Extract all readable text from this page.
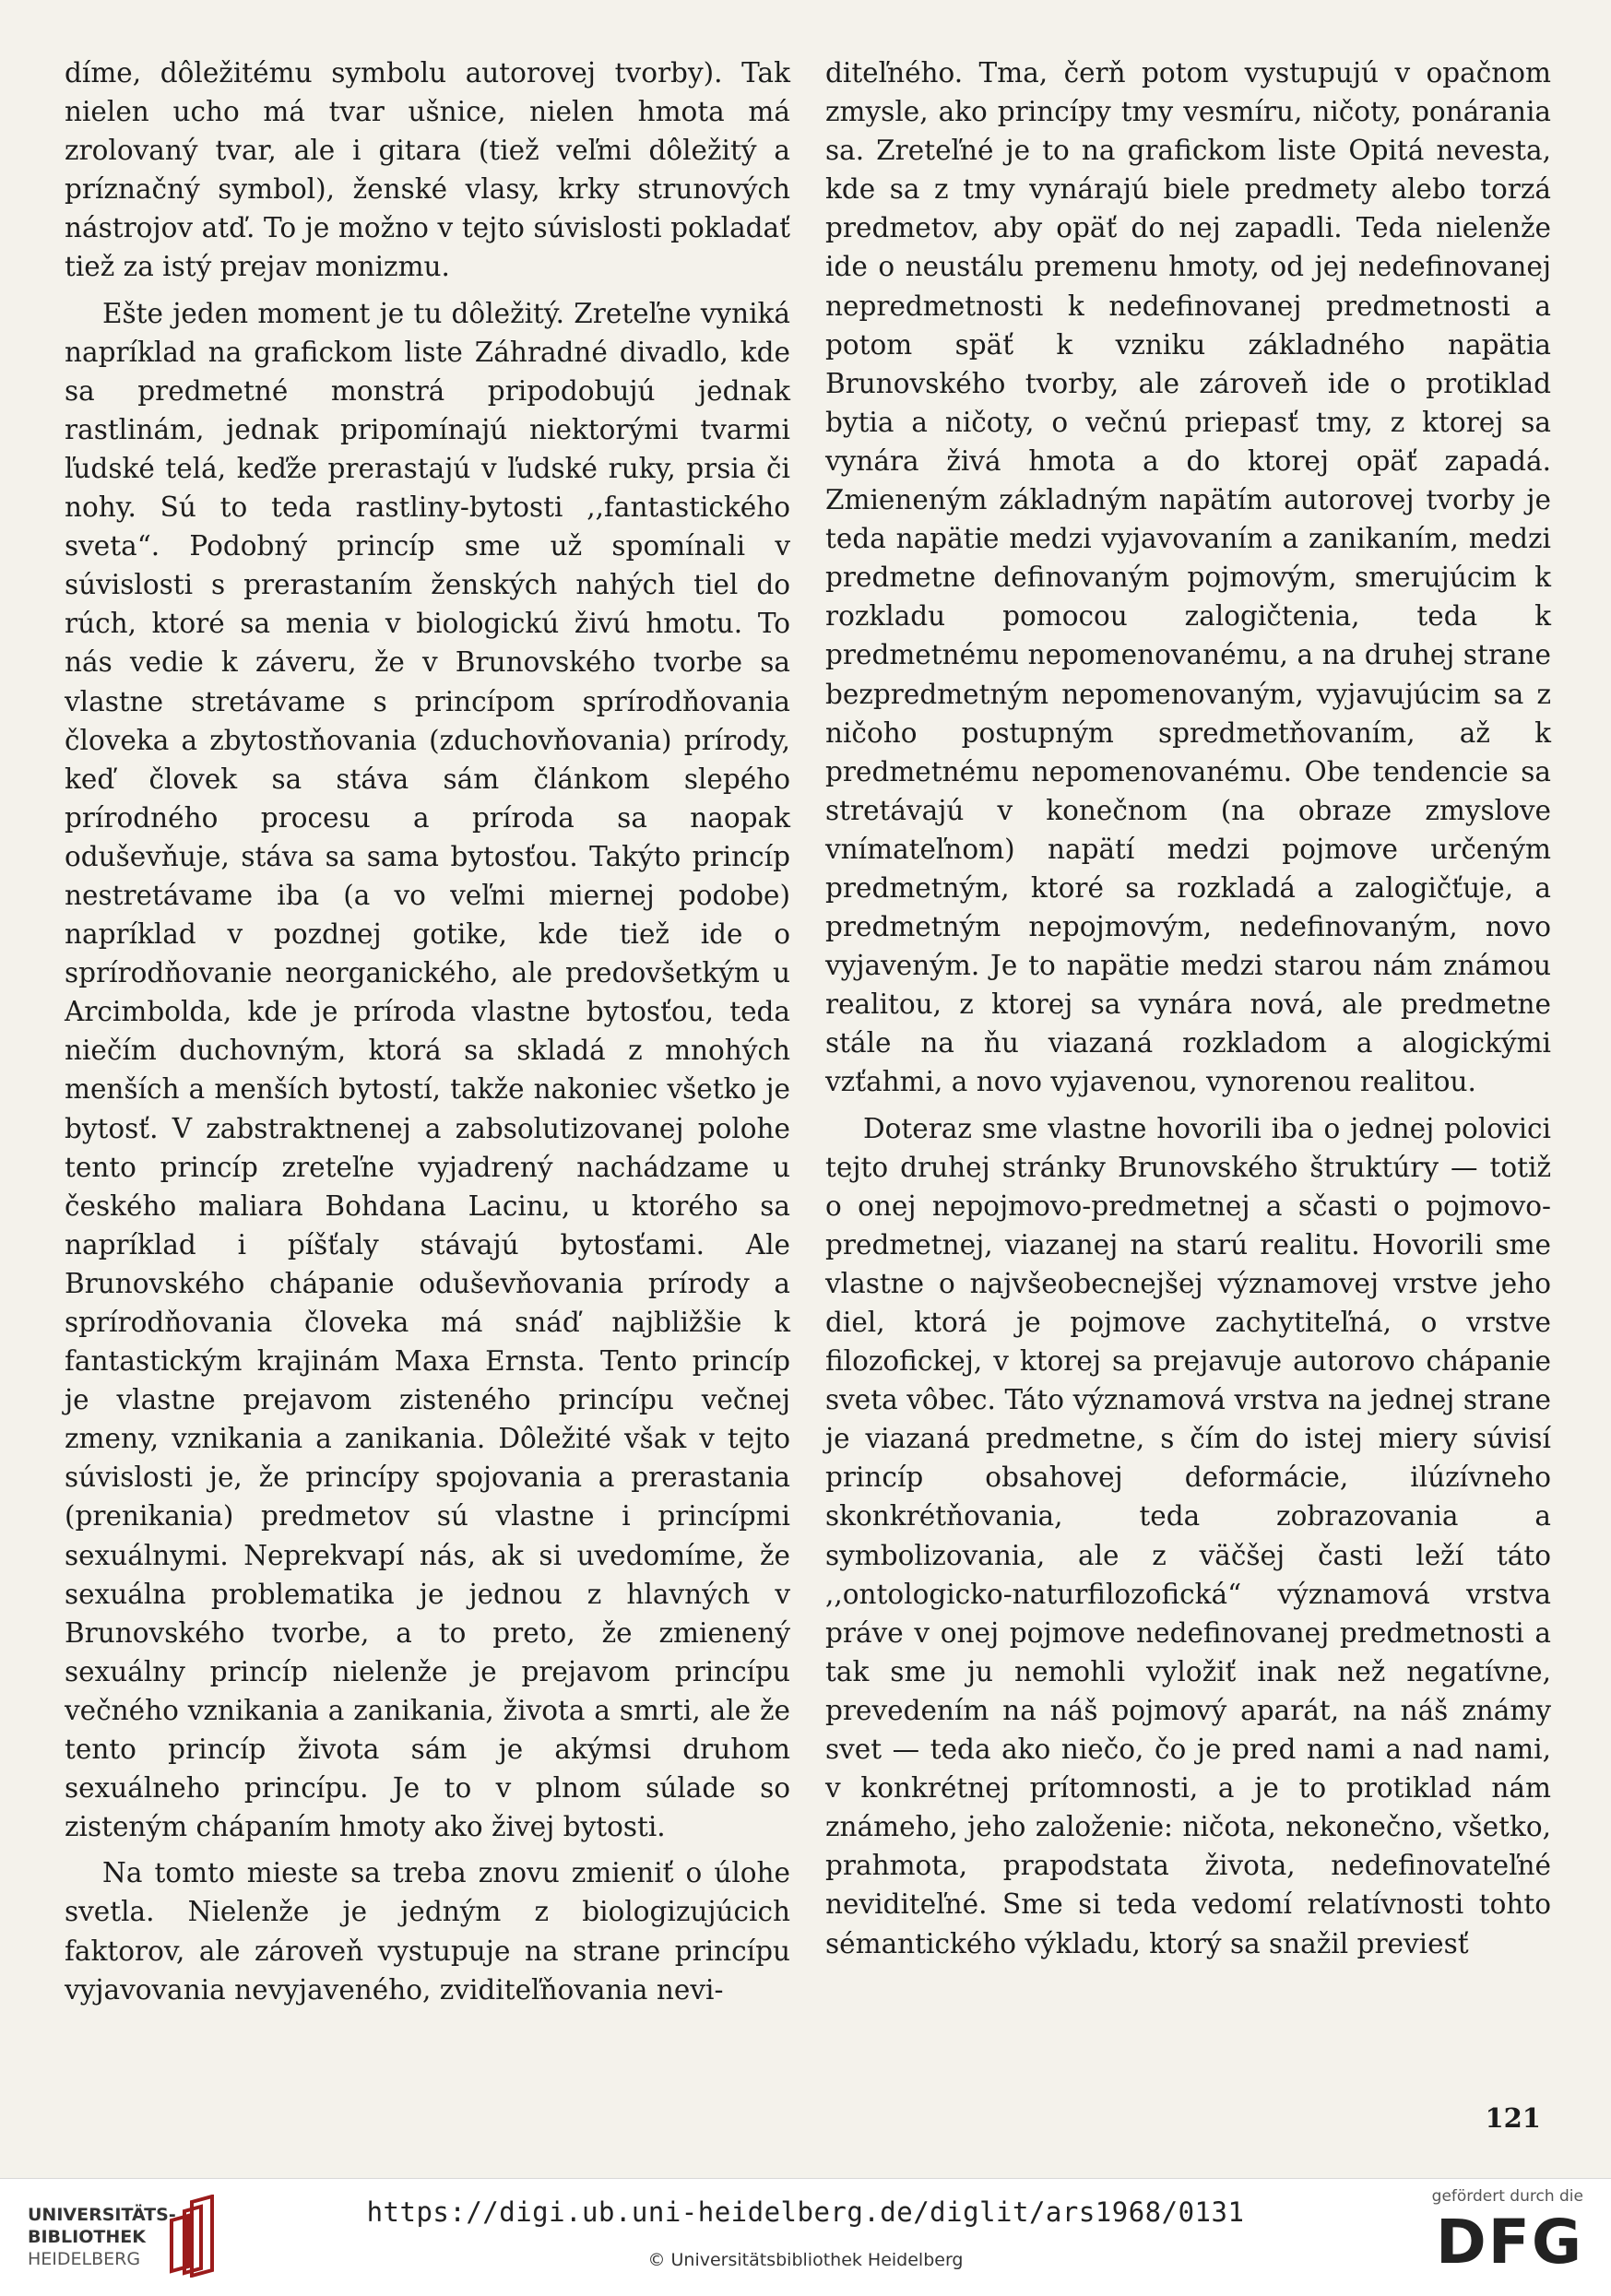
díme, dôležitému symbolu autorovej tvorby). Tak nielen ucho má tvar ušnice, nielen hmota má zrolovaný tvar, ale i gitara (tiež veľmi dôležitý a príznačný symbol), ženské vlasy, krky strunových nástrojov atď. To je možno v tejto súvislosti pokladať tiež za istý prejav monizmu.

Ešte jeden moment je tu dôležitý. Zreteľne vyniká napríklad na grafickom liste Záhradné divadlo, kde sa predmetné monstrá pripodobujú jednak rastlinám, jednak pripomínajú niektorými tvarmi ľudské telá, keďže prerastajú v ľudské ruky, prsia či nohy. Sú to teda rastliny-bytosti ,,fantastického sveta“. Podobný princíp sme už spomínali v súvislosti s prerastaním ženských nahých tiel do rúch, ktoré sa menia v biologickú živú hmotu. To nás vedie k záveru, že v Brunovského tvorbe sa vlastne stretávame s princípom sprírodňovania človeka a zbytostňovania (zduchovňovania) prírody, keď človek sa stáva sám článkom slepého prírodného procesu a príroda sa naopak oduševňuje, stáva sa sama bytosťou. Takýto princíp nestretávame iba (a vo veľmi miernej podobe) napríklad v pozdnej gotike, kde tiež ide o sprírodňovanie neorganického, ale predovšetkým u Arcimbolda, kde je príroda vlastne bytosťou, teda niečím duchovným, ktorá sa skladá z mnohých menších a menších bytostí, takže nakoniec všetko je bytosť. V zabstraktnenej a zabsolutizovanej polohe tento princíp zreteľne vyjadrený nachádzame u českého maliara Bohdana Lacinu, u ktorého sa napríklad i píšťaly stávajú bytosťami. Ale Brunovského chápanie oduševňovania prírody a sprírodňovania človeka má snáď najbližšie k fantastickým krajinám Maxa Ernsta. Tento princíp je vlastne prejavom zisteného princípu večnej zmeny, vznikania a zanikania. Dôležité však v tejto súvislosti je, že princípy spojovania a prerastania (prenikania) predmetov sú vlastne i princípmi sexuálnymi. Neprekvapí nás, ak si uvedomíme, že sexuálna problematika je jednou z hlavných v Brunovského tvorbe, a to preto, že zmienený sexuálny princíp nielenže je prejavom princípu večného vznikania a zanikania, života a smrti, ale že tento princíp života sám je akýmsi druhom sexuálneho princípu. Je to v plnom súlade so zisteným chápaním hmoty ako živej bytosti.

Na tomto mieste sa treba znovu zmieniť o úlohe svetla. Nielenže je jedným z biologizujúcich faktorov, ale zároveň vystupuje na strane princípu vyjavovania nevyjaveného, zviditeľňovania nevi-

diteľného. Tma, čerň potom vystupujú v opačnom zmysle, ako princípy tmy vesmíru, ničoty, ponárania sa. Zreteľné je to na grafickom liste Opitá nevesta, kde sa z tmy vynárajú biele predmety alebo torzá predmetov, aby opäť do nej zapadli. Teda nielenže ide o neustálu premenu hmoty, od jej nedefinovanej nepredmetnosti k nedefinovanej predmetnosti a potom späť k vzniku základného napätia Brunovského tvorby, ale zároveň ide o protiklad bytia a ničoty, o večnú priepasť tmy, z ktorej sa vynára živá hmota a do ktorej opäť zapadá. Zmieneným základným napätím autorovej tvorby je teda napätie medzi vyjavovaním a zanikaním, medzi predmetne definovaným pojmovým, smerujúcim k rozkladu pomocou zalogičtenia, teda k predmetnému nepomenovanému, a na druhej strane bezpredmetným nepomenovaným, vyjavujúcim sa z ničoho postupným spredmetňovaním, až k predmetnému nepomenovanému. Obe tendencie sa stretávajú v konečnom (na obraze zmyslove vnímateľnom) napätí medzi pojmove určeným predmetným, ktoré sa rozkladá a zalogičťuje, a predmetným nepojmovým, nedefinovaným, novo vyjaveným. Je to napätie medzi starou nám známou realitou, z ktorej sa vynára nová, ale predmetne stále na ňu viazaná rozkladom a alogickými vzťahmi, a novo vyjavenou, vynorenou realitou.

Doteraz sme vlastne hovorili iba o jednej polovici tejto druhej stránky Brunovského štruktúry — totiž o onej nepojmovo-predmetnej a sčasti o pojmovo-predmetnej, viazanej na starú realitu. Hovorili sme vlastne o najvšeobecnejšej významovej vrstve jeho diel, ktorá je pojmove zachytiteľná, o vrstve filozofickej, v ktorej sa prejavuje autorovo chápanie sveta vôbec. Táto významová vrstva na jednej strane je viazaná predmetne, s čím do istej miery súvisí princíp obsahovej deformácie, ilúzívneho skonkrétňovania, teda zobrazovania a symbolizovania, ale z väčšej časti leží táto ,,ontologicko-naturfilozofická“ významová vrstva práve v onej pojmove nedefinovanej predmetnosti a tak sme ju nemohli vyložiť inak než negatívne, prevedením na náš pojmový aparát, na náš známy svet — teda ako niečo, čo je pred nami a nad nami, v konkrétnej prítomnosti, a je to protiklad nám známeho, jeho založenie: ničota, nekonečno, všetko, prahmota, prapodstata života, nedefinovateľné neviditeľné. Sme si teda vedomí relatívnosti tohto sémantického výkladu, ktorý sa snažil previesť

121
UNIVERSITÄTS-
BIBLIOTHEK
HEIDELBERG
https://digi.ub.uni-heidelberg.de/diglit/ars1968/0131
© Universitätsbibliothek Heidelberg
gefördert durch die
DFG
